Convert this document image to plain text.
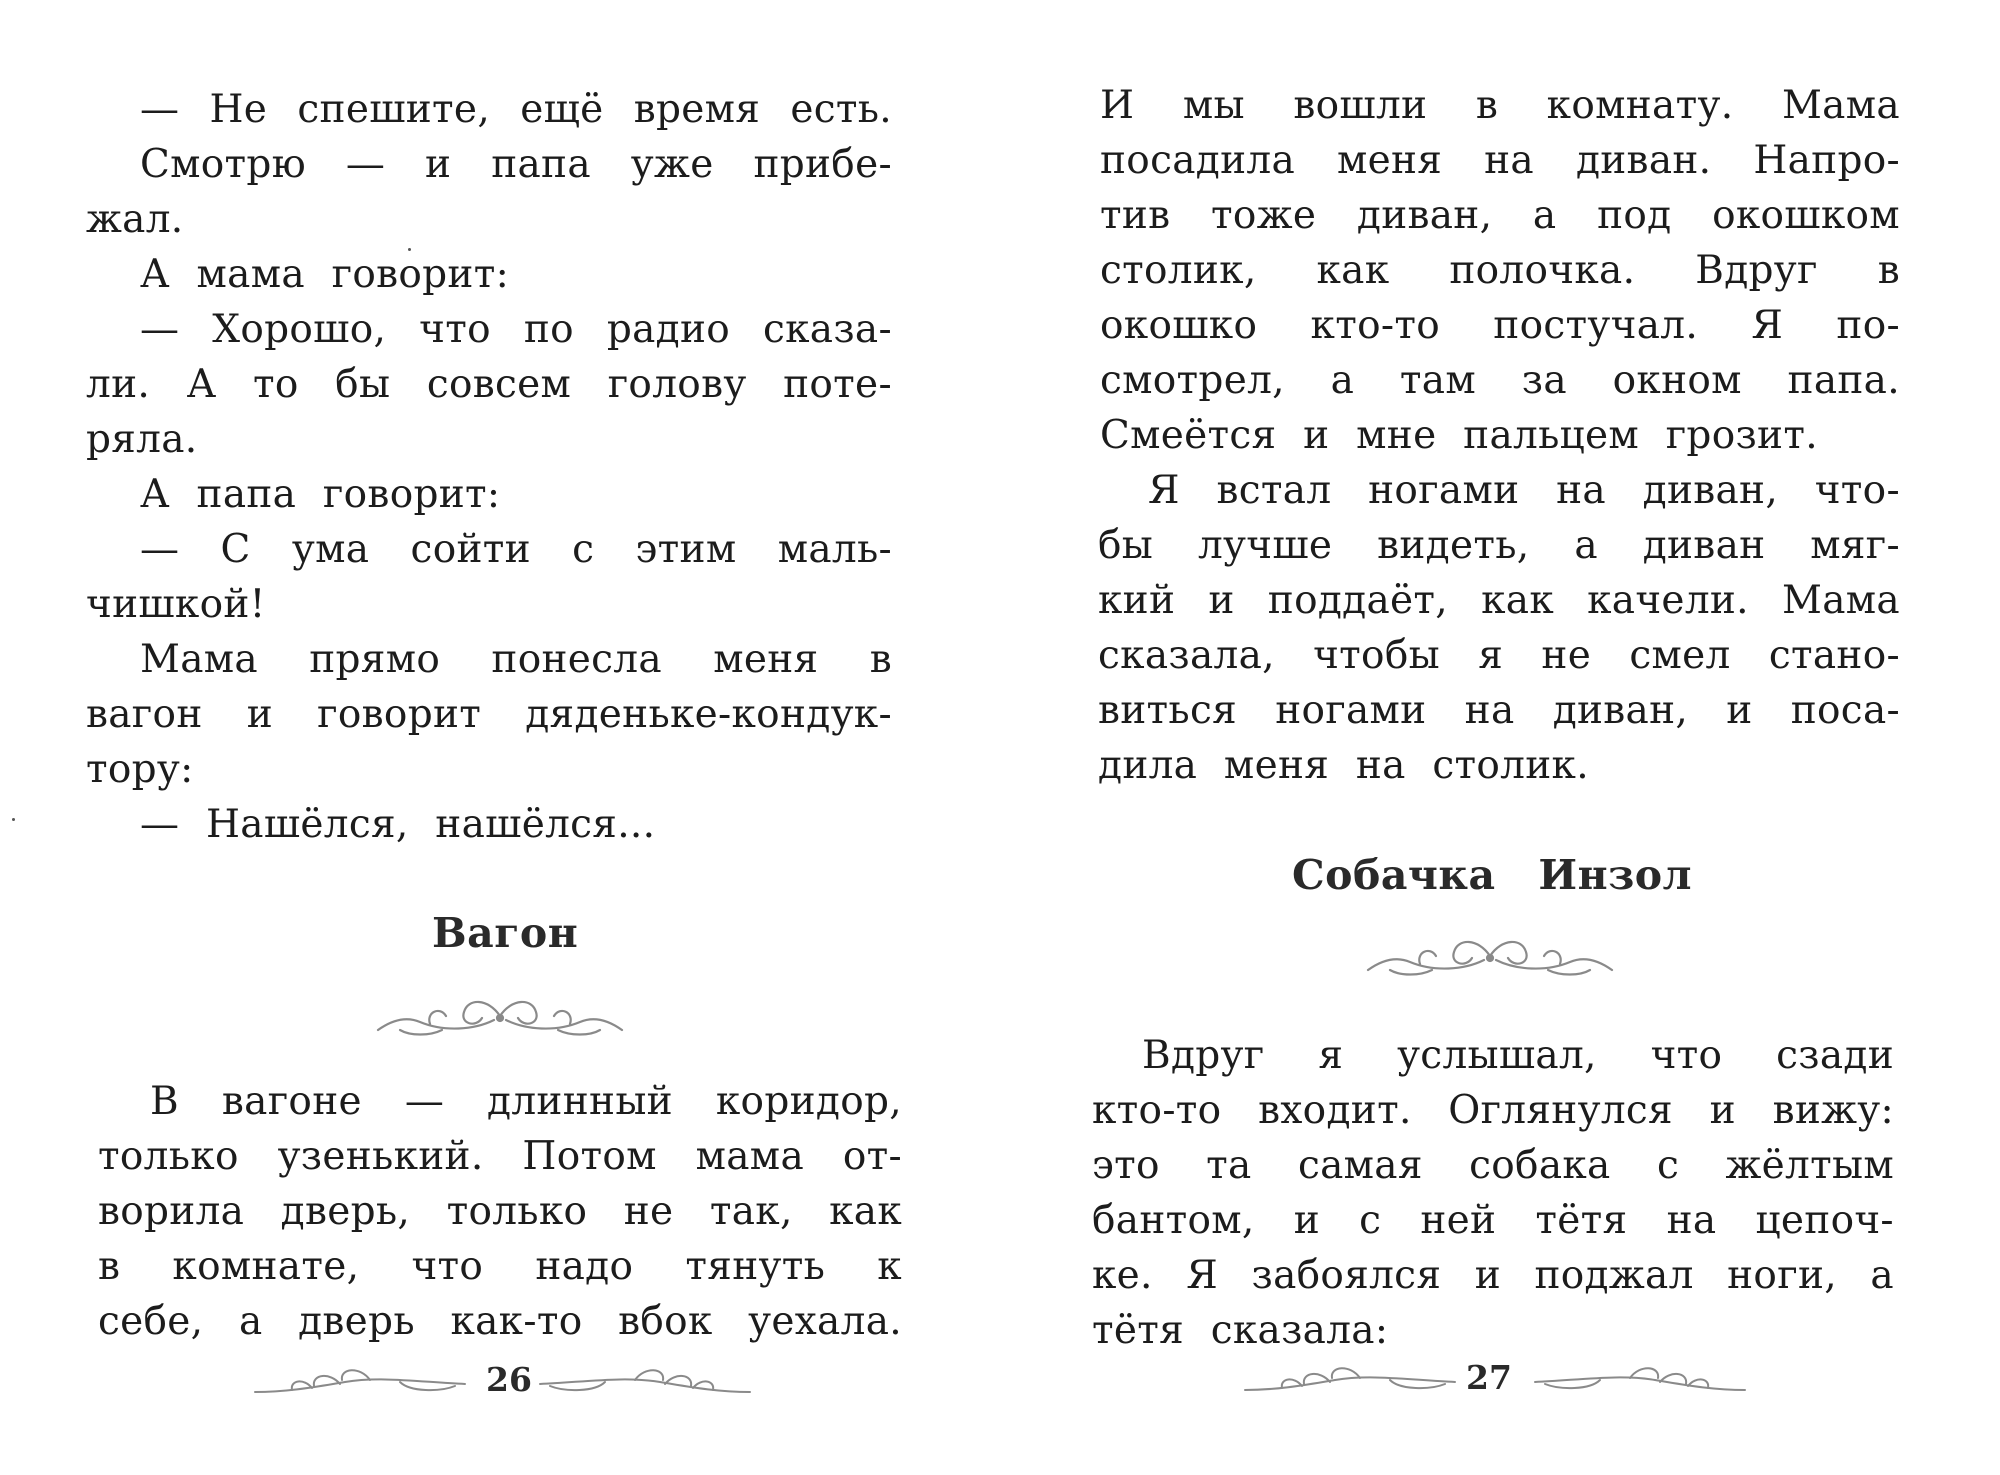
— Не спешите, ещё время есть.

Смотрю — и папа уже прибе-

жал.

А мама говорит:

— Хорошо, что по радио сказа-

ли. А то бы совсем голову поте-

ряла.

А папа говорит:

— С ума сойти с этим маль-

чишкой!

Мама прямо понесла меня в

вагон и говорит дяденьке-кондук-

тору:

— Нашёлся, нашёлся...

Вагон

В вагоне — длинный коридор,

только узенький. Потом мама от-

ворила дверь, только не так, как

в комнате, что надо тянуть к

себе, а дверь как-то вбок уехала.

26

И мы вошли в комнату. Мама

посадила меня на диван. Напро-

тив тоже диван, а под окошком

столик, как полочка. Вдруг в

окошко кто-то постучал. Я по-

смотрел, а там за окном папа.

Смеётся и мне пальцем грозит.

Я встал ногами на диван, что-

бы лучше видеть, а диван мяг-

кий и поддаёт, как качели. Мама

сказала, чтобы я не смел стано-

виться ногами на диван, и поса-

дила меня на столик.

Собачка Инзол

Вдруг я услышал, что сзади

кто-то входит. Оглянулся и вижу:

это та самая собака с жёлтым

бантом, и с ней тётя на цепоч-

ке. Я забоялся и поджал ноги, а

тётя сказала:

27
